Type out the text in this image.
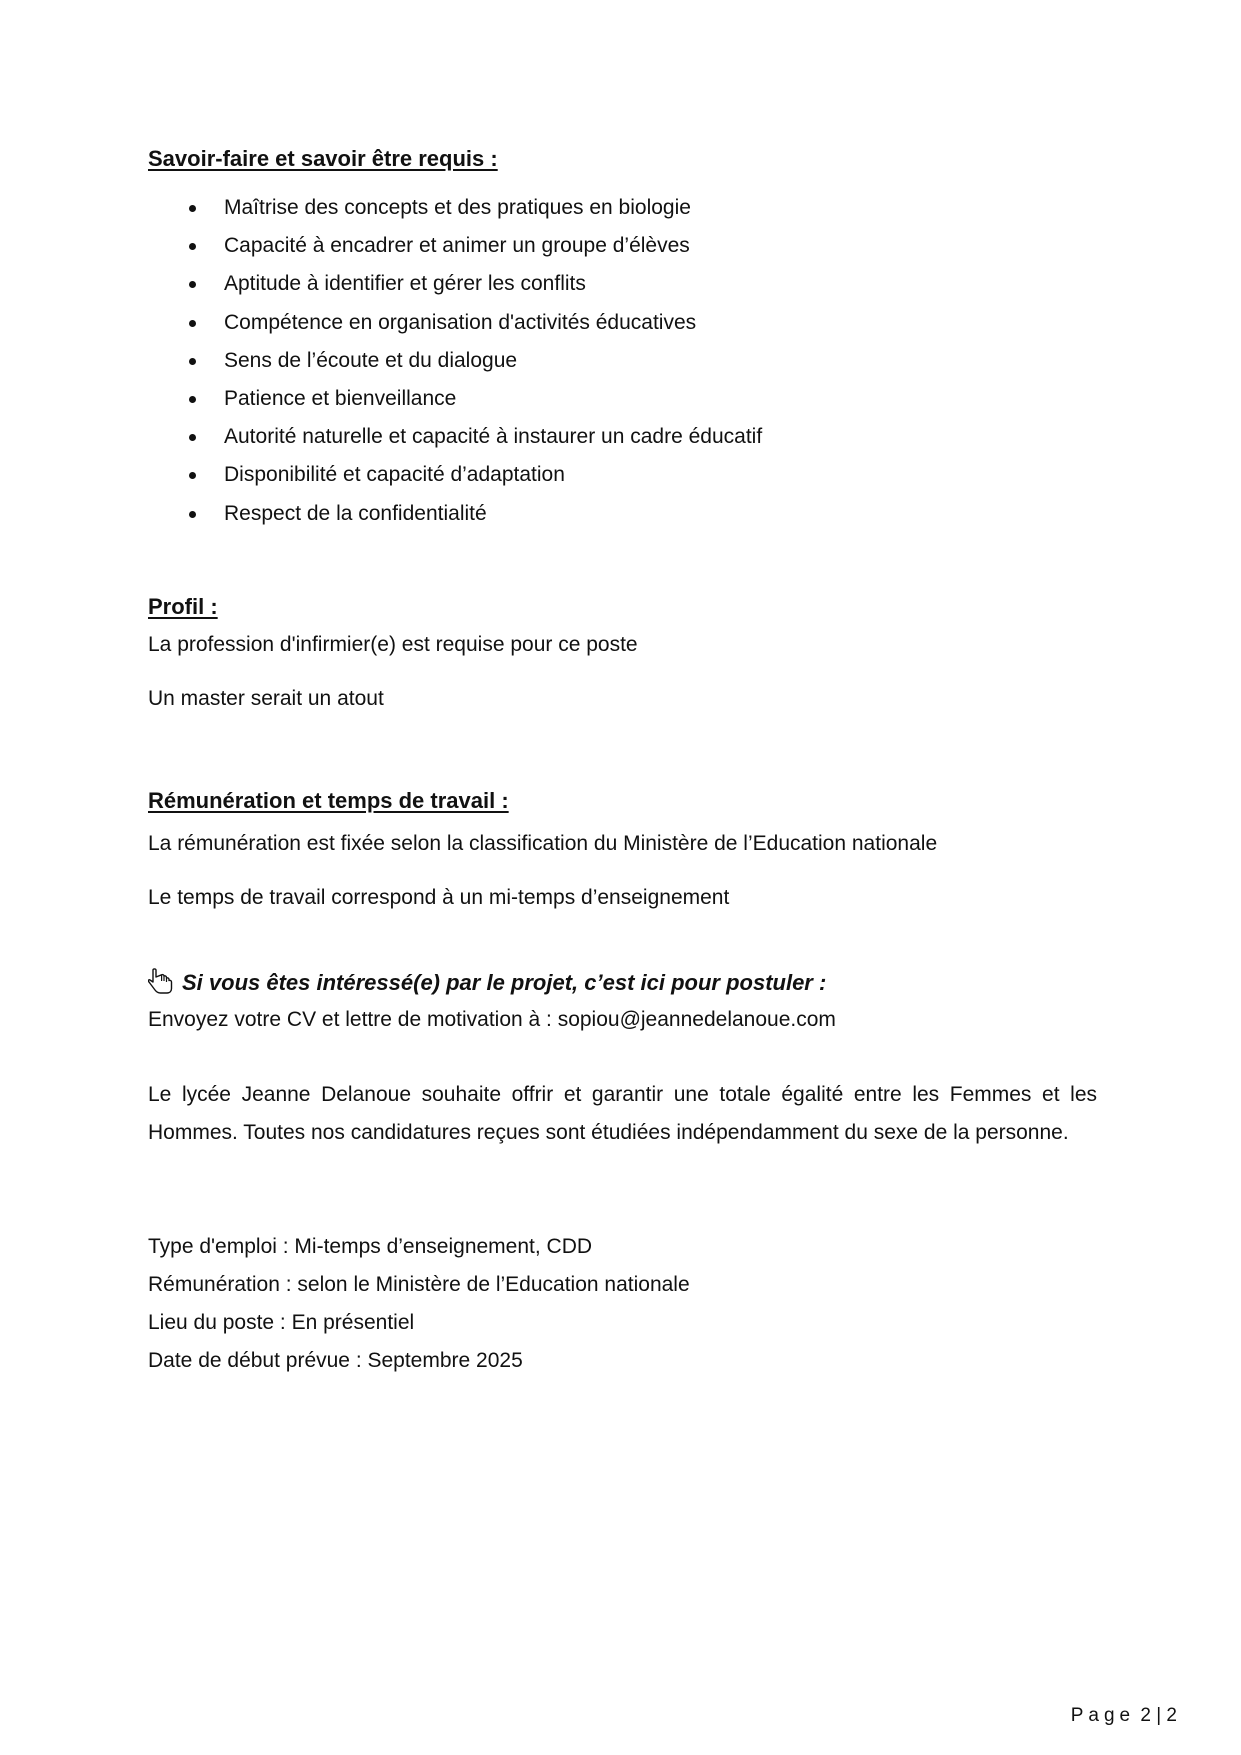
Savoir-faire et savoir être requis :
Maîtrise des concepts et des pratiques en biologie
Capacité à encadrer et animer un groupe d’élèves
Aptitude à identifier et gérer les conflits
Compétence en organisation d'activités éducatives
Sens de l’écoute et du dialogue
Patience et bienveillance
Autorité naturelle et capacité à instaurer un cadre éducatif
Disponibilité et capacité d’adaptation
Respect de la confidentialité
Profil :

La profession d'infirmier(e) est requise pour ce poste

Un master serait un atout

Rémunération et temps de travail :

La rémunération est fixée selon la classification du Ministère de l’Education nationale

Le temps de travail correspond à un mi-temps d’enseignement

Si vous êtes intéressé(e) par le projet, c’est ici pour postuler :

Envoyez votre CV et lettre de motivation à : sopiou@jeannedelanoue.com

Le lycée Jeanne Delanoue souhaite offrir et garantir une totale égalité entre les Femmes et les Hommes. Toutes nos candidatures reçues sont étudiées indépendamment du sexe de la personne.

Type d'emploi : Mi-temps d’enseignement, CDD
Rémunération : selon le Ministère de l’Education nationale
Lieu du poste : En présentiel
Date de début prévue : Septembre 2025
Page 2 | 2
